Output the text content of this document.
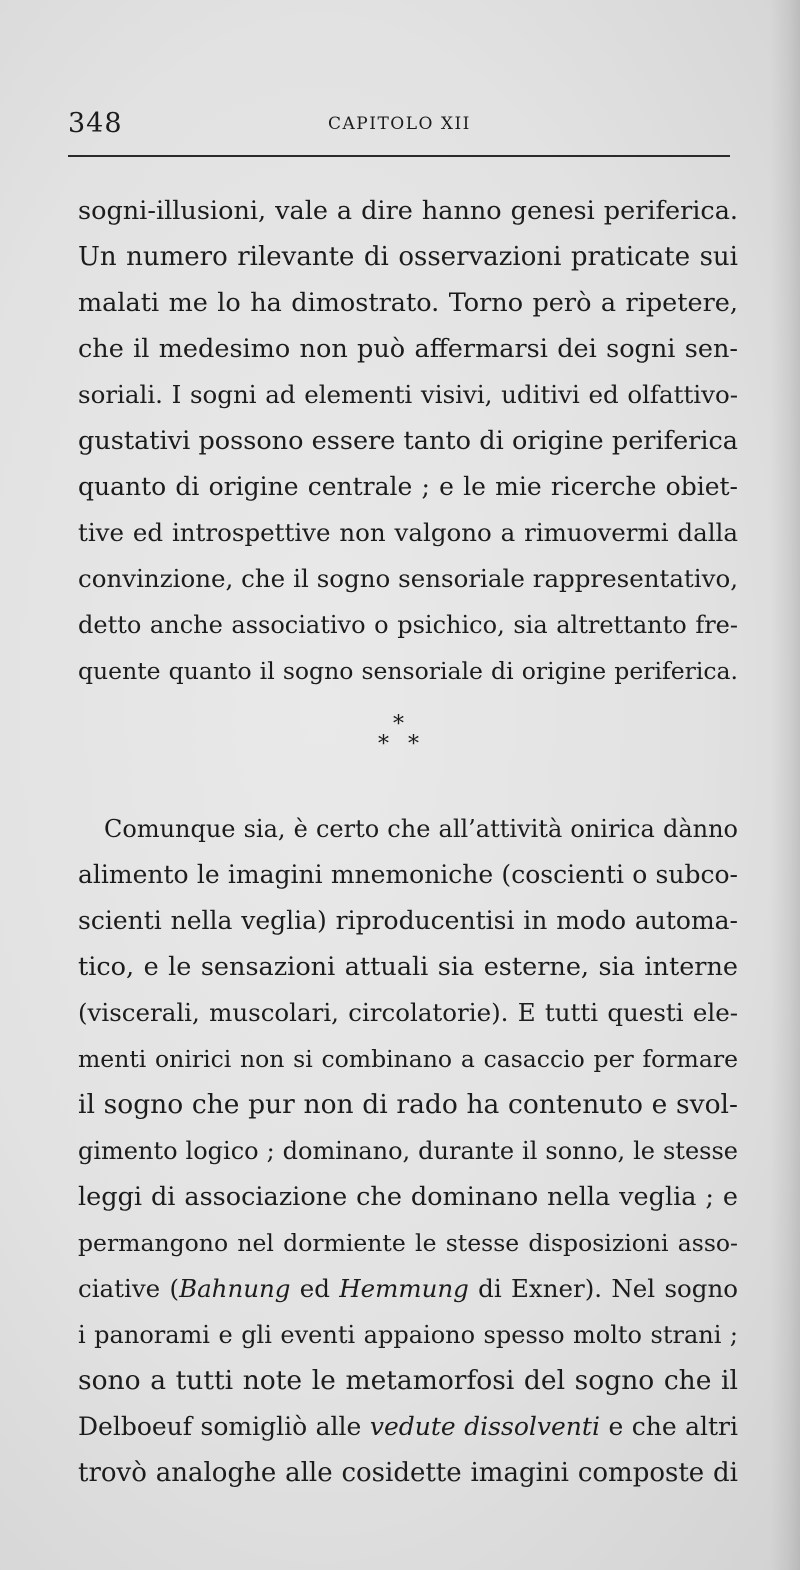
348	CAPITOLO XII
sogni-illusioni, vale a dire hanno genesi periferica.
Un numero rilevante di osservazioni praticate sui
malati me lo ha dimostrato. Torno però a ripetere,
che il medesimo non può affermarsi dei sogni sen-
soriali. I sogni ad elementi visivi, uditivi ed olfattivo-
gustativi possono essere tanto di origine periferica
quanto di origine centrale ; e le mie ricerche obiet-
tive ed introspettive non valgono a rimuovermi dalla
convinzione, che il sogno sensoriale rappresentativo,
detto anche associativo o psichico, sia altrettanto fre-
quente quanto il sogno sensoriale di origine periferica.
*
* *
Comunque sia, è certo che all’attività onirica dànno
alimento le imagini mnemoniche (coscienti o subco-
scienti nella veglia) riproducentisi in modo automa-
tico, e le sensazioni attuali sia esterne, sia interne
(viscerali, muscolari, circolatorie). E tutti questi ele-
menti onirici non si combinano a casaccio per formare
il sogno che pur non di rado ha contenuto e svol-
gimento logico ; dominano, durante il sonno, le stesse
leggi di associazione che dominano nella veglia ; e
permangono nel dormiente le stesse disposizioni asso-
ciative (Bahnung ed Hemmung di Exner). Nel sogno
i panorami e gli eventi appaiono spesso molto strani ;
sono a tutti note le metamorfosi del sogno che il
Delboeuf somigliò alle vedute dissolventi e che altri
trovò analoghe alle cosidette imagini composte di
